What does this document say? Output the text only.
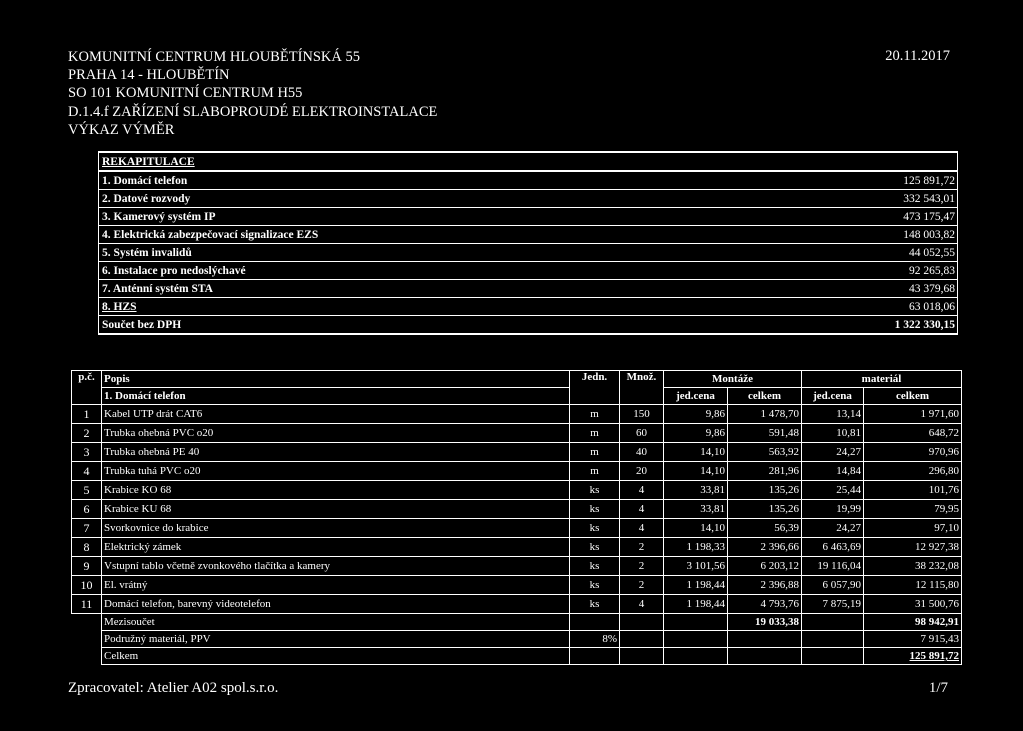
KOMUNITNÍ CENTRUM HLOUBĚTÍNSKÁ 55
PRAHA 14 - HLOUBĚTÍN
SO 101 KOMUNITNÍ CENTRUM H55
D.1.4.f ZAŘÍZENÍ SLABOPROUDÉ ELEKTROINSTALACE
VÝKAZ VÝMĚR
20.11.2017
REKAPITULACE	
1. Domácí telefon	125 891,72
2. Datové rozvody	332 543,01
3. Kamerový systém IP	473 175,47
4. Elektrická zabezpečovací signalizace EZS	148 003,82
5. Systém invalidů	44 052,55
6. Instalace pro nedoslýchavé	92 265,83
7. Anténní systém STA	43 379,68
8. HZS	63 018,06
Součet bez DPH	1 322 330,15
p.č.	Popis	Jedn.	Množ.	Montáže		materiál	
	1. Domácí telefon			jed.cena	celkem	jed.cena	celkem
1	Kabel UTP drát CAT6	m	150	9,86	1 478,70	13,14	1 971,60
2	Trubka ohebná PVC o20	m	60	9,86	591,48	10,81	648,72
3	Trubka ohebná PE 40	m	40	14,10	563,92	24,27	970,96
4	Trubka tuhá PVC o20	m	20	14,10	281,96	14,84	296,80
5	Krabice KO 68	ks	4	33,81	135,26	25,44	101,76
6	Krabice KU 68	ks	4	33,81	135,26	19,99	79,95
7	Svorkovnice do krabice	ks	4	14,10	56,39	24,27	97,10
8	Elektrický zámek	ks	2	1 198,33	2 396,66	6 463,69	12 927,38
9	Vstupní tablo včetně zvonkového tlačítka a kamery	ks	2	3 101,56	6 203,12	19 116,04	38 232,08
10	El. vrátný	ks	2	1 198,44	2 396,88	6 057,90	12 115,80
11	Domácí telefon, barevný videotelefon	ks	4	1 198,44	4 793,76	7 875,19	31 500,76
	Mezisoučet				19 033,38		98 942,91
	Podružný materiál, PPV	8%					7 915,43
	Celkem						125 891,72
Zpracovatel: Atelier A02 spol.s.r.o.	1/7
